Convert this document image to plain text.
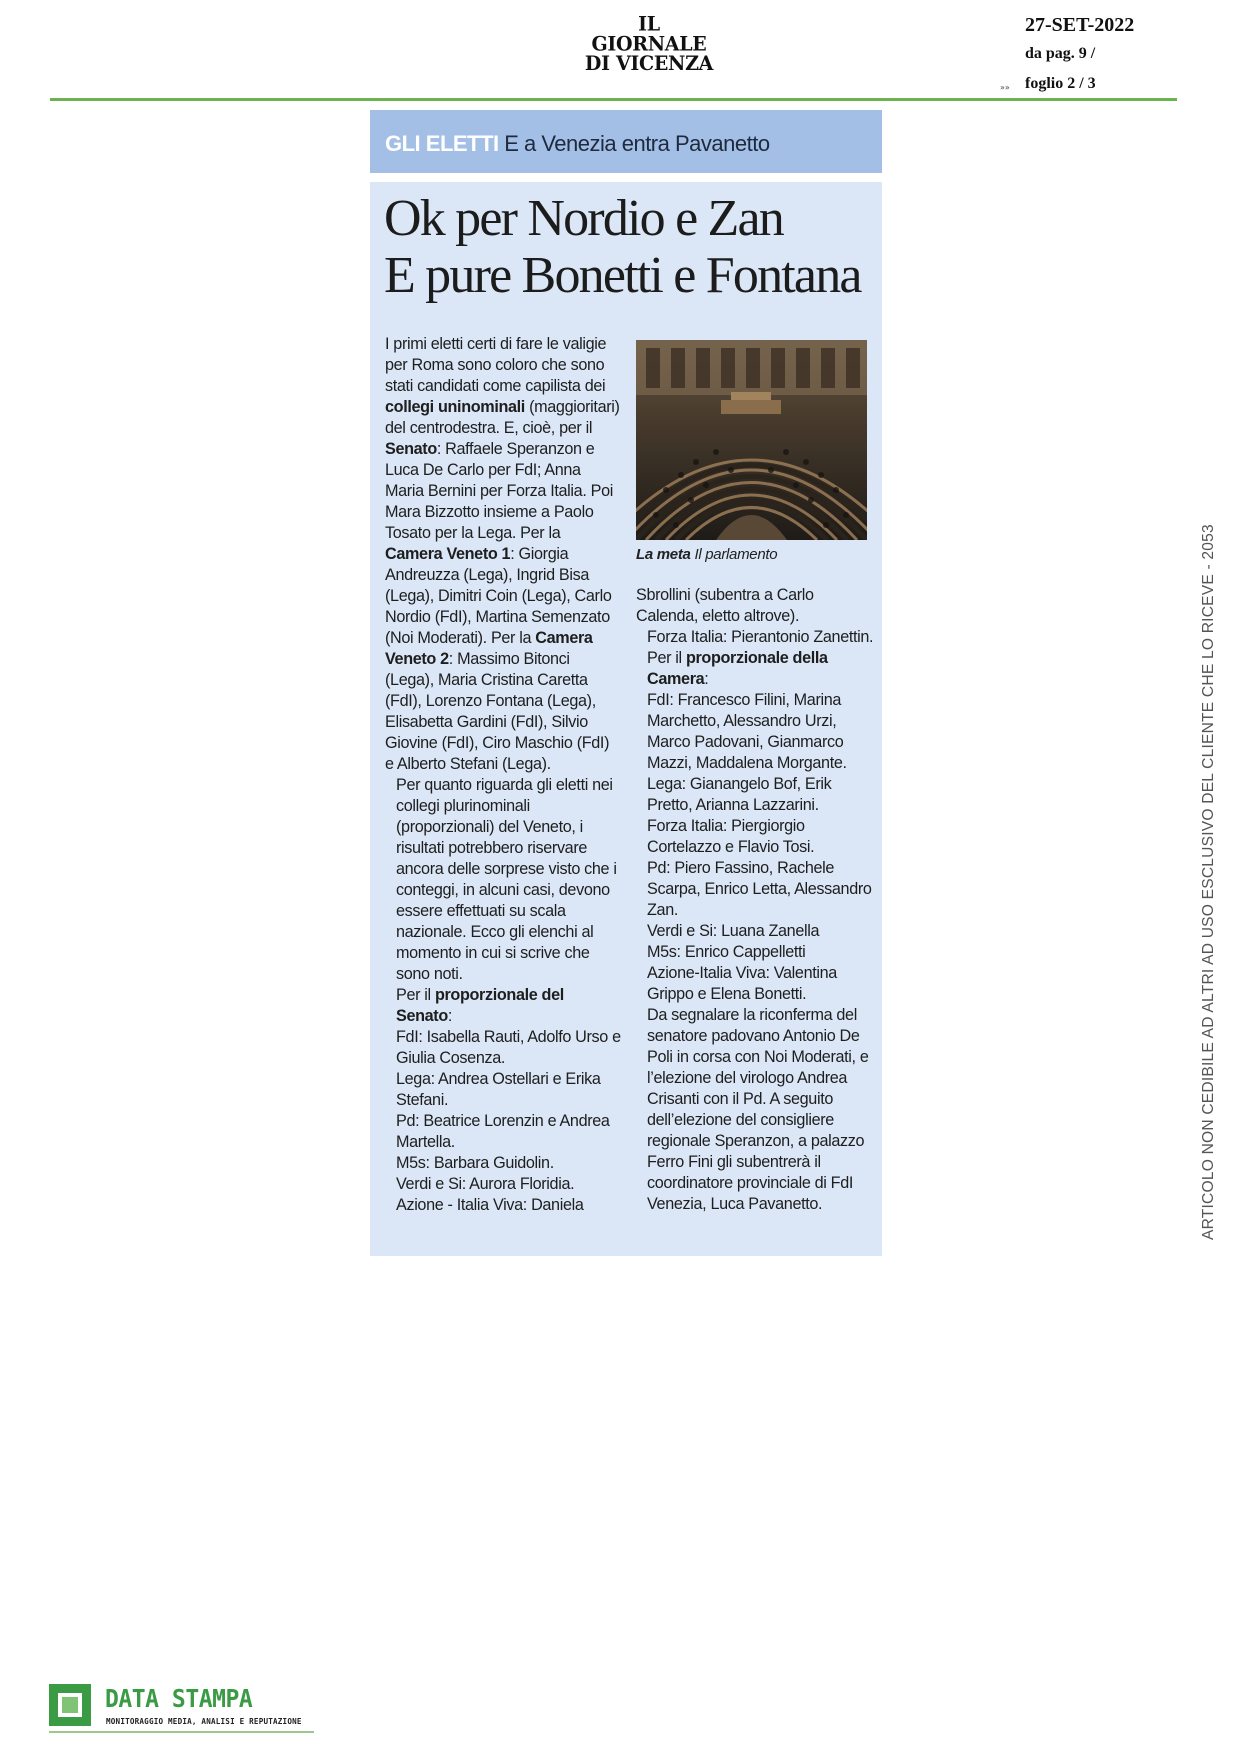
IL GIORNALE
DI VICENZA
27-SET-2022
da pag. 9 /
foglio 2 / 3
»»
GLI ELETTI E a Venezia entra Pavanetto
Ok per Nordio e Zan
E pure Bonetti e Fontana

I primi eletti certi di fare le valigie per Roma sono coloro che sono stati candidati come capilista dei collegi uninominali (maggioritari) del centrodestra. E, cioè, per il Senato: Raffaele Speranzon e Luca De Carlo per FdI; Anna Maria Bernini per Forza Italia. Poi Mara Bizzotto insieme a Paolo Tosato per la Lega. Per la Camera Veneto 1: Giorgia Andreuzza (Lega), Ingrid Bisa (Lega), Dimitri Coin (Lega), Carlo Nordio (FdI), Martina Semenzato (Noi Moderati). Per la Camera Veneto 2: Massimo Bitonci (Lega), Maria Cristina Caretta (FdI), Lorenzo Fontana (Lega), Elisabetta Gardini (FdI), Silvio Giovine (FdI), Ciro Maschio (FdI) e Alberto Stefani (Lega).

Per quanto riguarda gli eletti nei collegi plurinominali (proporzionali) del Veneto, i risultati potrebbero riservare ancora delle sorprese visto che i conteggi, in alcuni casi, devono essere effettuati su scala nazionale. Ecco gli elenchi al momento in cui si scrive che sono noti.

Per il proporzionale del Senato:

FdI: Isabella Rauti, Adolfo Urso e Giulia Cosenza.

Lega: Andrea Ostellari e Erika Stefani.

Pd: Beatrice Lorenzin e Andrea Martella.

M5s: Barbara Guidolin.

Verdi e Si: Aurora Floridia.

Azione - Italia Viva: Daniela

La meta Il parlamento

Sbrollini (subentra a Carlo Calenda, eletto altrove).

Forza Italia: Pierantonio Zanettin.

Per il proporzionale della Camera:

FdI: Francesco Filini, Marina Marchetto, Alessandro Urzi, Marco Padovani, Gianmarco Mazzi, Maddalena Morgante.

Lega: Gianangelo Bof, Erik Pretto, Arianna Lazzarini.

Forza Italia: Piergiorgio Cortelazzo e Flavio Tosi.

Pd: Piero Fassino, Rachele Scarpa, Enrico Letta, Alessandro Zan.

Verdi e Si: Luana Zanella

M5s: Enrico Cappelletti

Azione-Italia Viva: Valentina Grippo e Elena Bonetti.

Da segnalare la riconferma del senatore padovano Antonio De Poli in corsa con Noi Moderati, e l’elezione del virologo Andrea Crisanti con il Pd. A seguito dell’elezione del consigliere regionale Speranzon, a palazzo Ferro Fini gli subentrerà il coordinatore provinciale di FdI Venezia, Luca Pavanetto.	ARTICOLO NON CEDIBILE AD ALTRI AD USO ESCLUSIVO DEL CLIENTE CHE LO RICEVE - 2053
DATA STAMPA
MONITORAGGIO MEDIA, ANALISI E REPUTAZIONE
